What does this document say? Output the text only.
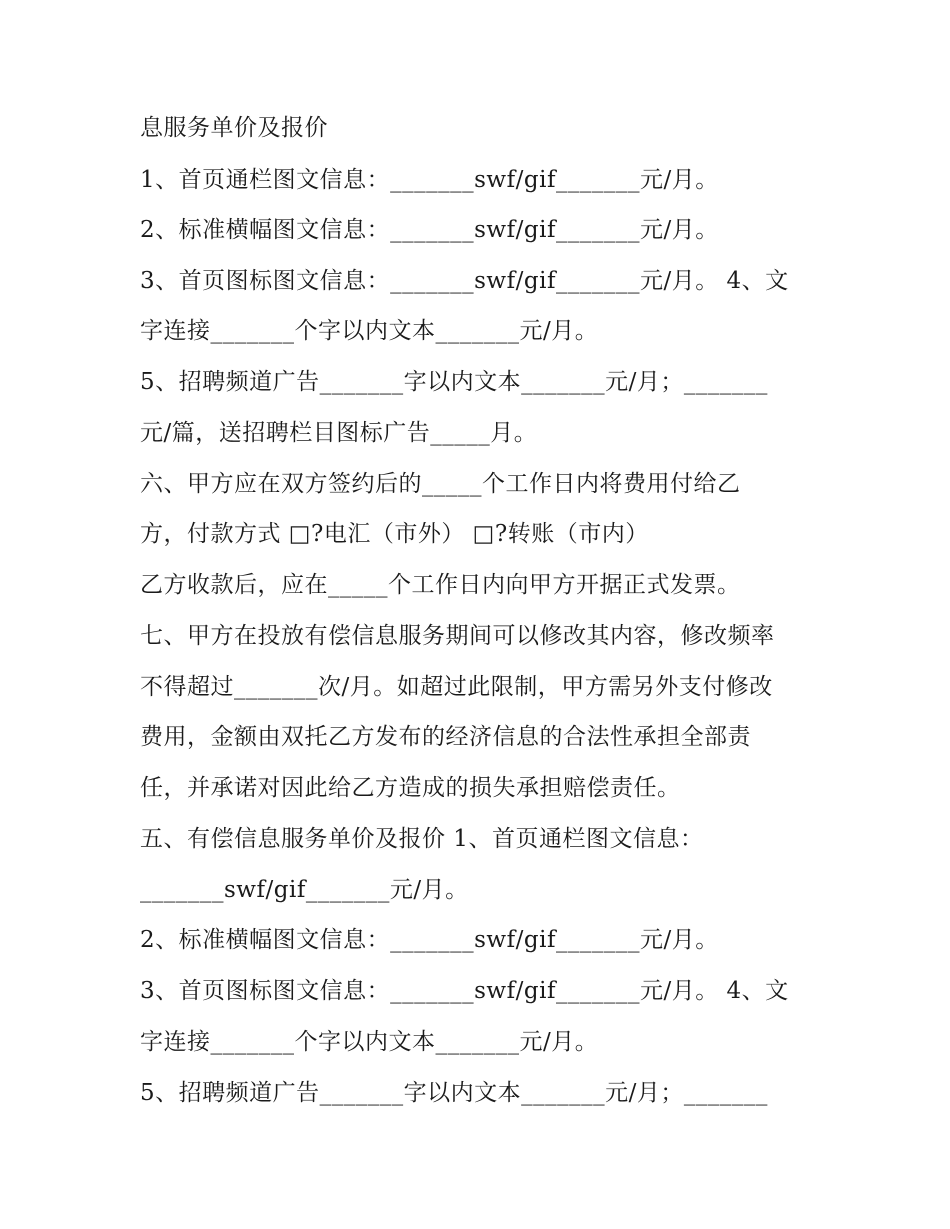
息服务单价及报价
1、首页通栏图文信息：_______swf/gif_______元/月。
2、标准横幅图文信息：_______swf/gif_______元/月。
3、首页图标图文信息：_______swf/gif_______元/月。 4、文
字连接_______个字以内文本_______元/月。
5、招聘频道广告_______字以内文本_______元/月；_______
元/篇，送招聘栏目图标广告_____月。
六、甲方应在双方签约后的_____个工作日内将费用付给乙
方，付款方式 □?电汇（市外） □?转账（市内）
乙方收款后，应在_____个工作日内向甲方开据正式发票。
七、甲方在投放有偿信息服务期间可以修改其内容，修改频率
不得超过_______次/月。如超过此限制，甲方需另外支付修改
费用，金额由双托乙方发布的经济信息的合法性承担全部责
任，并承诺对因此给乙方造成的损失承担赔偿责任。
五、有偿信息服务单价及报价 1、首页通栏图文信息：
_______swf/gif_______元/月。
2、标准横幅图文信息：_______swf/gif_______元/月。
3、首页图标图文信息：_______swf/gif_______元/月。 4、文
字连接_______个字以内文本_______元/月。
5、招聘频道广告_______字以内文本_______元/月；_______
